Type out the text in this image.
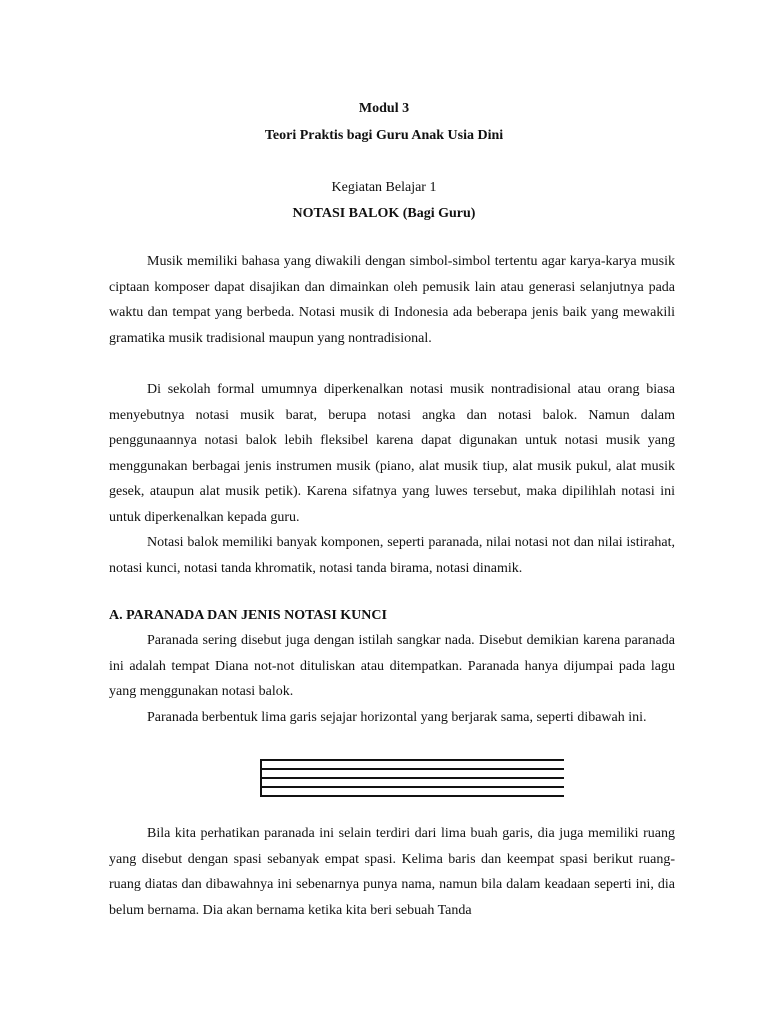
Modul 3
Teori Praktis bagi Guru Anak Usia Dini
Kegiatan Belajar 1
NOTASI BALOK (Bagi Guru)
Musik memiliki bahasa yang diwakili dengan simbol-simbol tertentu agar karya-karya musik ciptaan komposer dapat disajikan dan dimainkan oleh pemusik lain atau generasi selanjutnya pada waktu dan tempat yang berbeda. Notasi musik di Indonesia ada beberapa jenis baik yang mewakili gramatika musik tradisional maupun yang nontradisional.
Di sekolah formal umumnya diperkenalkan notasi musik nontradisional atau orang biasa menyebutnya notasi musik barat, berupa notasi angka dan notasi balok. Namun dalam penggunaannya notasi balok lebih fleksibel karena dapat digunakan untuk notasi musik yang menggunakan berbagai jenis instrumen musik (piano, alat musik tiup, alat musik pukul, alat musik gesek, ataupun alat musik petik). Karena sifatnya yang luwes tersebut, maka dipilihlah notasi ini untuk diperkenalkan kepada guru.
Notasi balok memiliki banyak komponen, seperti paranada, nilai notasi not dan nilai istirahat, notasi kunci, notasi tanda khromatik, notasi tanda birama, notasi dinamik.
A. PARANADA DAN JENIS NOTASI KUNCI
Paranada sering disebut juga dengan istilah sangkar nada. Disebut demikian karena paranada ini adalah tempat Diana not-not dituliskan atau ditempatkan. Paranada hanya dijumpai pada lagu yang menggunakan notasi balok.
Paranada berbentuk lima garis sejajar horizontal yang berjarak sama, seperti dibawah ini.
Bila kita perhatikan paranada ini selain terdiri dari lima buah garis, dia juga memiliki ruang yang disebut dengan spasi sebanyak empat spasi. Kelima baris dan keempat spasi berikut ruang-ruang diatas dan dibawahnya ini sebenarnya punya nama, namun bila dalam keadaan seperti ini, dia belum bernama. Dia akan bernama ketika kita beri sebuah Tanda
